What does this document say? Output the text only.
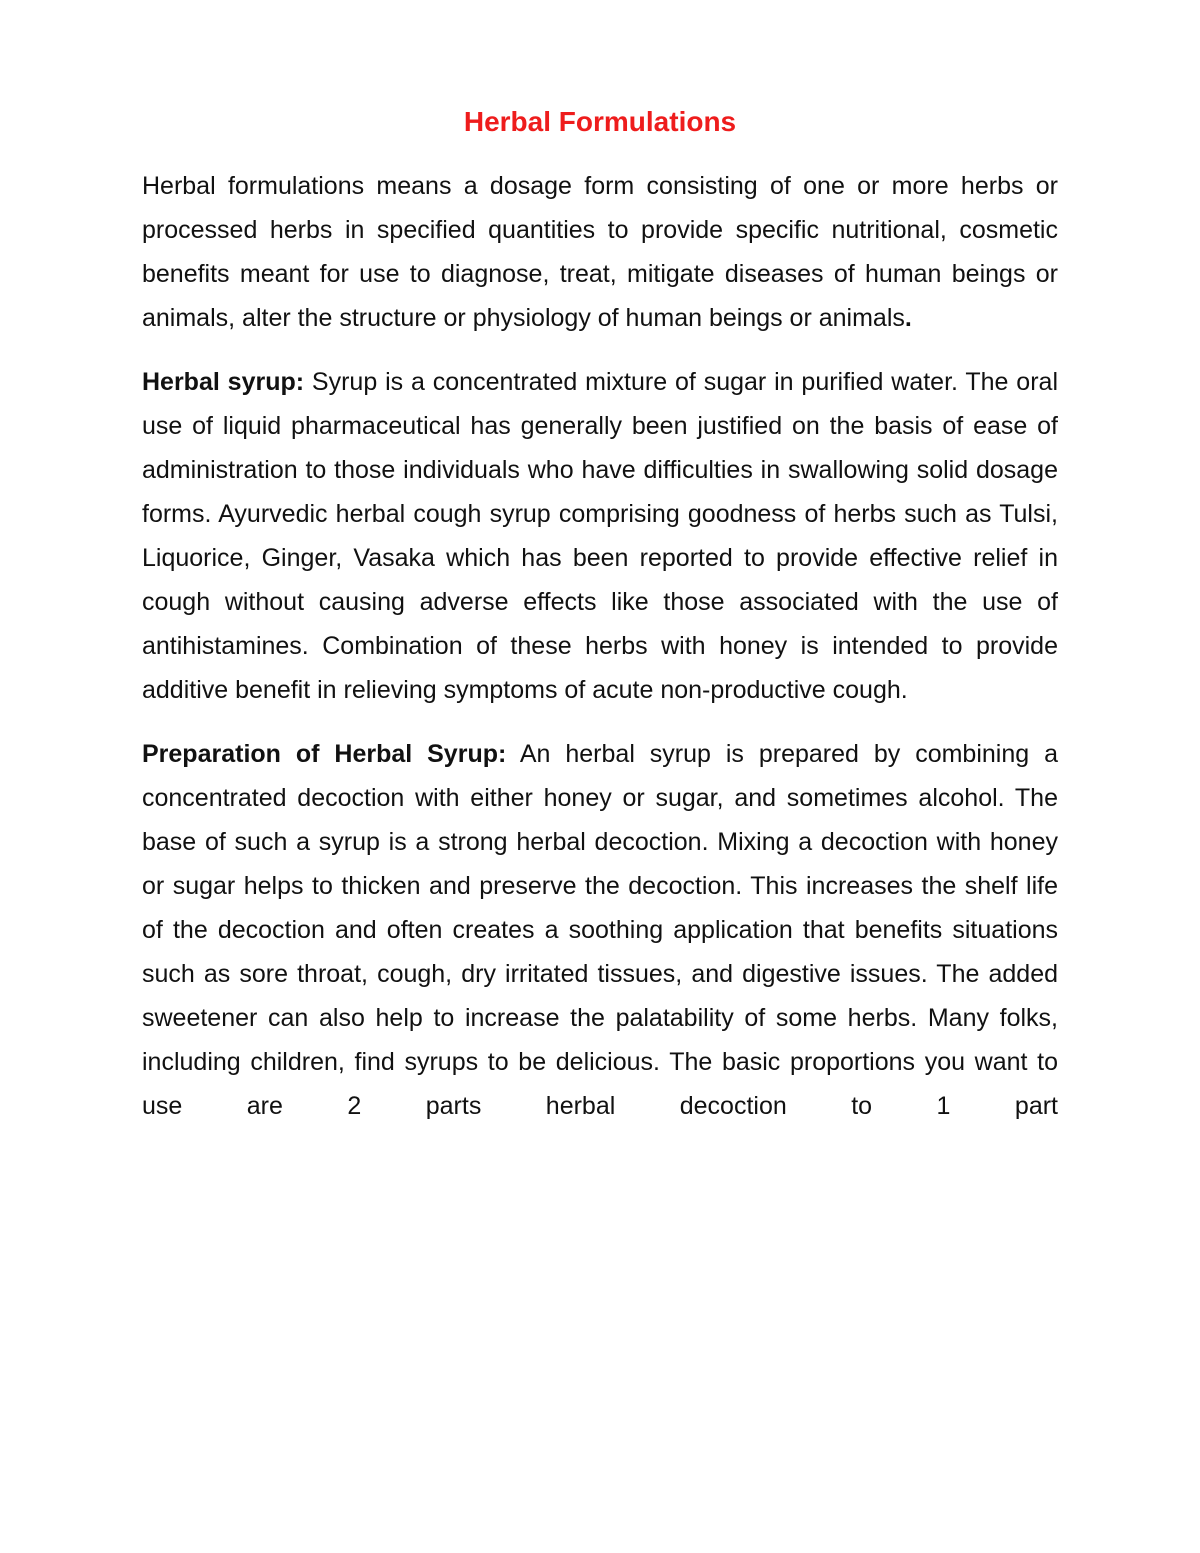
Herbal Formulations

Herbal formulations means a dosage form consisting of one or more herbs or processed herbs in specified quantities to provide specific nutritional, cosmetic benefits meant for use to diagnose, treat, mitigate diseases of human beings or animals, alter the structure or physiology of human beings or animals.

Herbal syrup: Syrup is a concentrated mixture of sugar in purified water. The oral use of liquid pharmaceutical has generally been justified on the basis of ease of administration to those individuals who have difficulties in swallowing solid dosage forms. Ayurvedic herbal cough syrup comprising goodness of herbs such as Tulsi, Liquorice, Ginger, Vasaka which has been reported to provide effective relief in cough without causing adverse effects like those associated with the use of antihistamines. Combination of these herbs with honey is intended to provide additive benefit in relieving symptoms of acute non-productive cough.

Preparation of Herbal Syrup: An herbal syrup is prepared by combining a concentrated decoction with either honey or sugar, and sometimes alcohol. The base of such a syrup is a strong herbal decoction. Mixing a decoction with honey or sugar helps to thicken and preserve the decoction. This increases the shelf life of the decoction and often creates a soothing application that benefits situations such as sore throat, cough, dry irritated tissues, and digestive issues. The added sweetener can also help to increase the palatability of some herbs. Many folks, including children, find syrups to be delicious. The basic proportions you want to use are 2 parts herbal decoction to 1 part
